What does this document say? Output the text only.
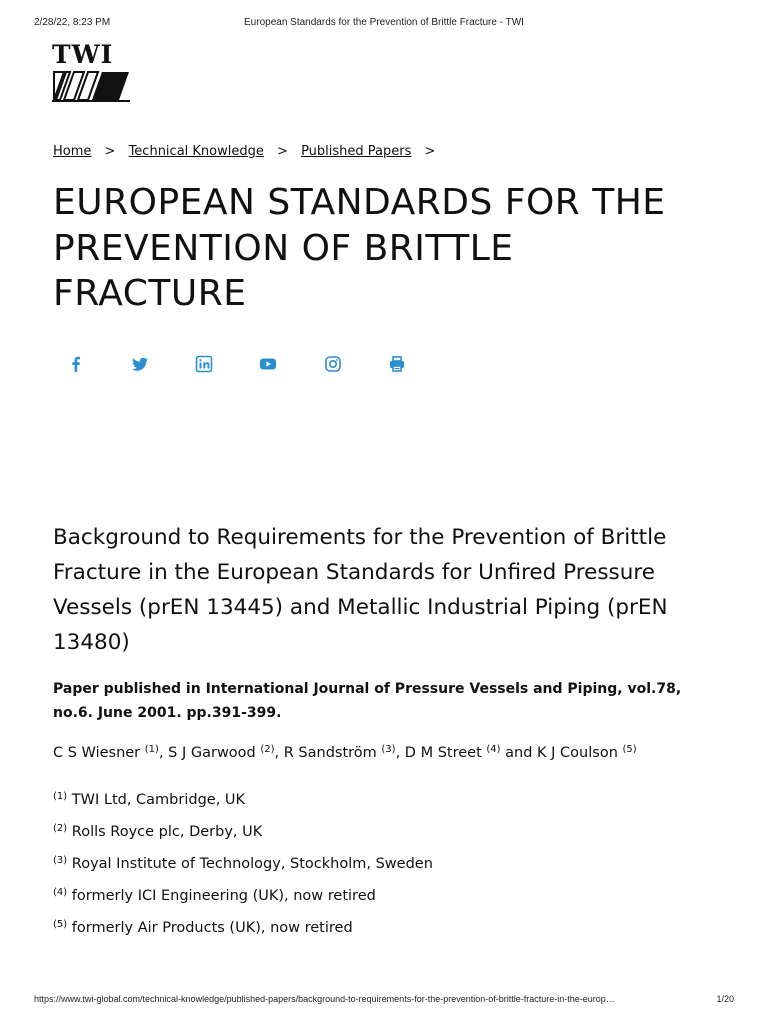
2/28/22, 8:23 PM	European Standards for the Prevention of Brittle Fracture - TWI
TWI
Home > Technical Knowledge > Published Papers >
EUROPEAN STANDARDS FOR THE PREVENTION OF BRITTLE FRACTURE
Background to Requirements for the Prevention of Brittle Fracture in the European Standards for Unfired Pressure Vessels (prEN 13445) and Metallic Industrial Piping (prEN 13480)

Paper published in International Journal of Pressure Vessels and Piping, vol.78, no.6. June 2001. pp.391-399.

C S Wiesner $^{(1)}$, S J Garwood $^{(2)}$, R Sandström $^{(3)}$, D M Street $^{(4)}$ and K J Coulson $^{(5)}$
$^{(1)}$ TWI Ltd, Cambridge, UK
$^{(2)}$ Rolls Royce plc, Derby, UK
$^{(3)}$ Royal Institute of Technology, Stockholm, Sweden
$^{(4)}$ formerly ICI Engineering (UK), now retired
$^{(5)}$ formerly Air Products (UK), now retired
https://www.twi-global.com/technical-knowledge/published-papers/background-to-requirements-for-the-prevention-of-brittle-fracture-in-the-europ…	1/20
